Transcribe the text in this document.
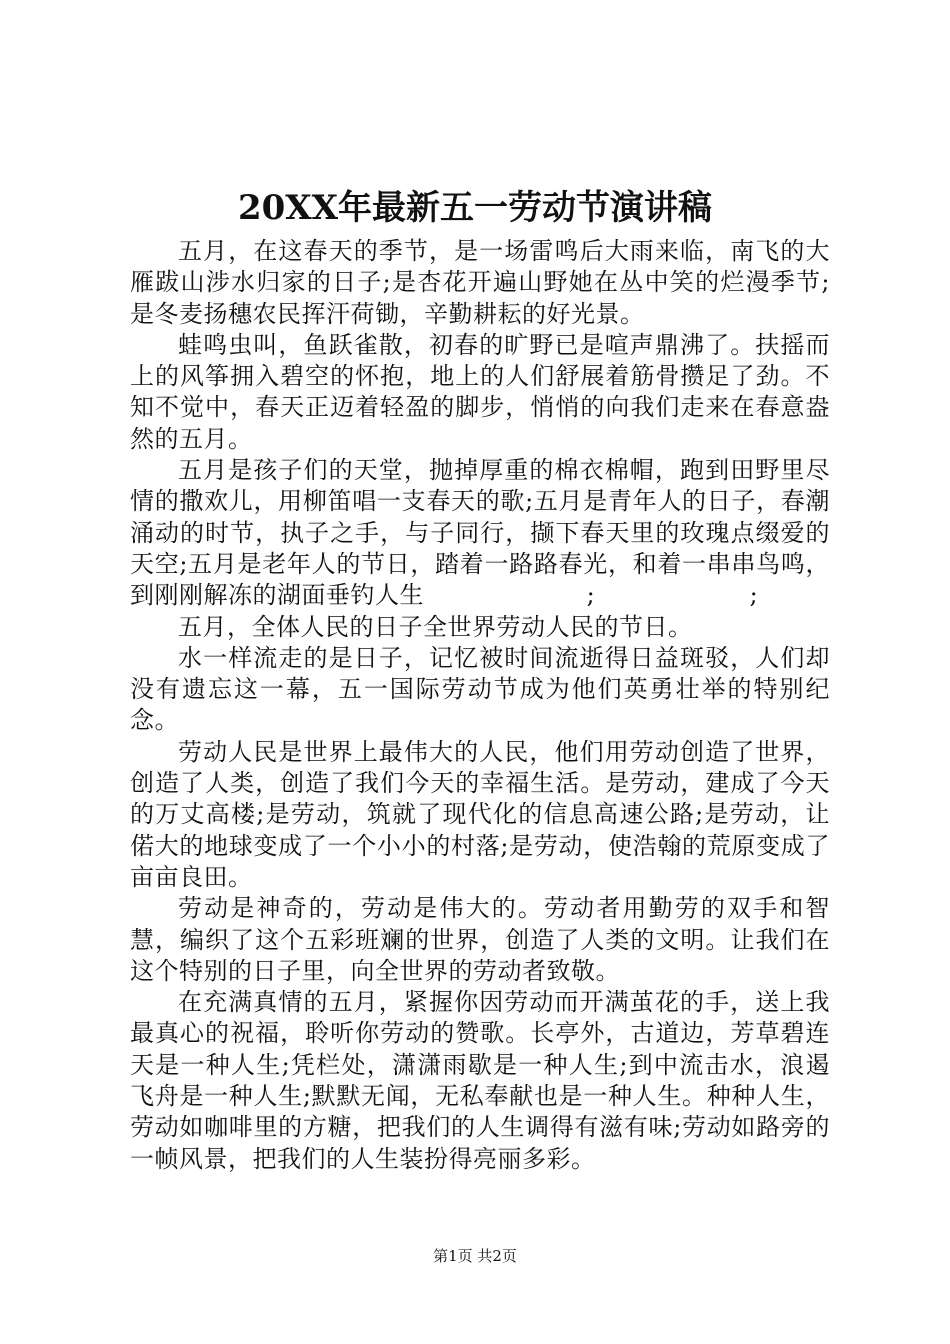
20XX年最新五一劳动节演讲稿

五月，在这春天的季节，是一场雷鸣后大雨来临，南飞的大雁跋山涉水归家的日子;是杏花开遍山野她在丛中笑的烂漫季节;是冬麦扬穗农民挥汗荷锄，辛勤耕耘的好光景。

蛙鸣虫叫，鱼跃雀散，初春的旷野已是喧声鼎沸了。扶摇而上的风筝拥入碧空的怀抱，地上的人们舒展着筋骨攒足了劲。不知不觉中，春天正迈着轻盈的脚步，悄悄的向我们走来在春意盎然的五月。

五月是孩子们的天堂，抛掉厚重的棉衣棉帽，跑到田野里尽情的撒欢儿，用柳笛唱一支春天的歌;五月是青年人的日子，春潮涌动的时节，执子之手，与子同行，撷下春天里的玫瑰点缀爱的天空;五月是老年人的节日，踏着一路路春光，和着一串串鸟鸣，到刚刚解冻的湖面垂钓人生                    ;                   ;

五月，全体人民的日子全世界劳动人民的节日。

水一样流走的是日子，记忆被时间流逝得日益斑驳，人们却没有遗忘这一幕，五一国际劳动节成为他们英勇壮举的特别纪念。

劳动人民是世界上最伟大的人民，他们用劳动创造了世界，创造了人类，创造了我们今天的幸福生活。是劳动，建成了今天的万丈高楼;是劳动，筑就了现代化的信息高速公路;是劳动，让偌大的地球变成了一个小小的村落;是劳动，使浩翰的荒原变成了亩亩良田。

劳动是神奇的，劳动是伟大的。劳动者用勤劳的双手和智慧，编织了这个五彩班斓的世界，创造了人类的文明。让我们在这个特别的日子里，向全世界的劳动者致敬。

在充满真情的五月，紧握你因劳动而开满茧花的手，送上我最真心的祝福，聆听你劳动的赞歌。长亭外，古道边，芳草碧连天是一种人生;凭栏处，潇潇雨歇是一种人生;到中流击水，浪遏飞舟是一种人生;默默无闻，无私奉献也是一种人生。种种人生，劳动如咖啡里的方糖，把我们的人生调得有滋有味;劳动如路旁的一帧风景，把我们的人生装扮得亮丽多彩。

第1页 共2页
